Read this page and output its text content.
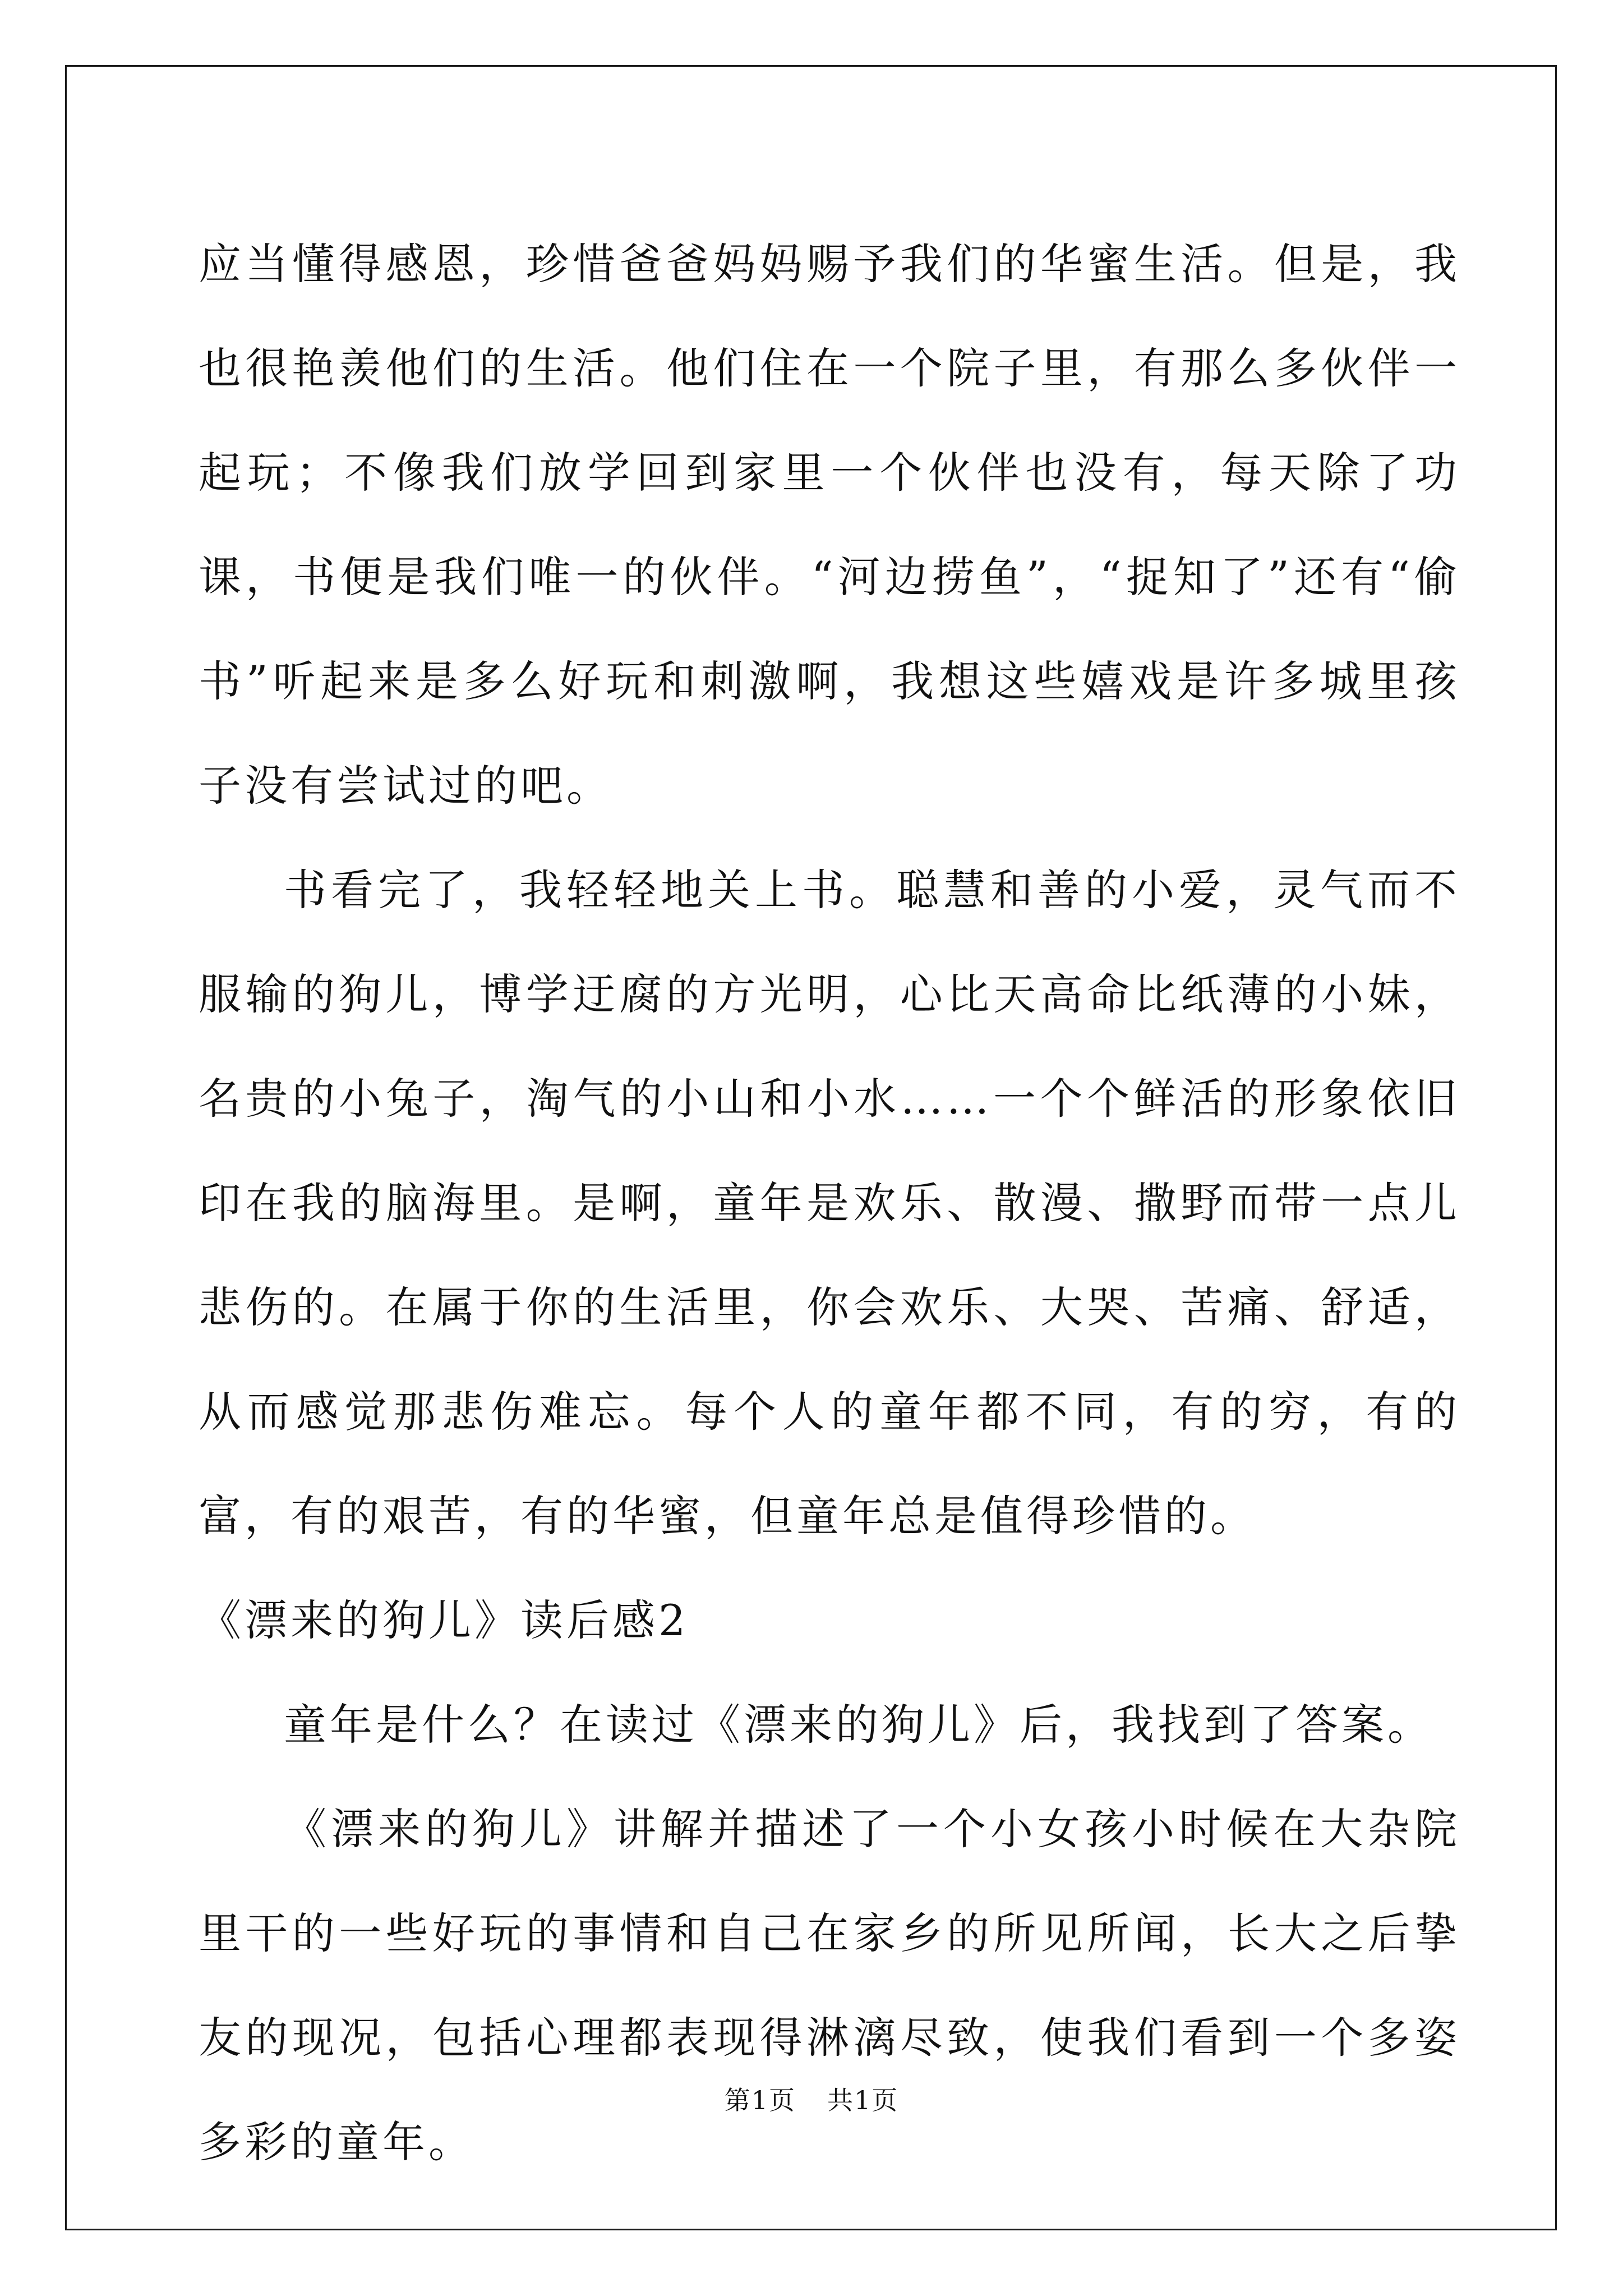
应当懂得感恩，珍惜爸爸妈妈赐予我们的华蜜生活。但是，我也很艳羡他们的生活。他们住在一个院子里，有那么多伙伴一起玩；不像我们放学回到家里一个伙伴也没有，每天除了功课，书便是我们唯一的伙伴。“河边捞鱼”，“捉知了”还有“偷书”听起来是多么好玩和刺激啊，我想这些嬉戏是许多城里孩子没有尝试过的吧。

书看完了，我轻轻地关上书。聪慧和善的小爱，灵气而不服输的狗儿，博学迂腐的方光明，心比天高命比纸薄的小妹，名贵的小兔子，淘气的小山和小水……一个个鲜活的形象依旧印在我的脑海里。是啊，童年是欢乐、散漫、撒野而带一点儿悲伤的。在属于你的生活里，你会欢乐、大哭、苦痛、舒适，从而感觉那悲伤难忘。每个人的童年都不同，有的穷，有的富，有的艰苦，有的华蜜，但童年总是值得珍惜的。

《漂来的狗儿》读后感2

童年是什么？在读过《漂来的狗儿》后，我找到了答案。

《漂来的狗儿》讲解并描述了一个小女孩小时候在大杂院里干的一些好玩的事情和自己在家乡的所见所闻，长大之后挚友的现况，包括心理都表现得淋漓尽致，使我们看到一个多姿多彩的童年。

第1页 共1页
